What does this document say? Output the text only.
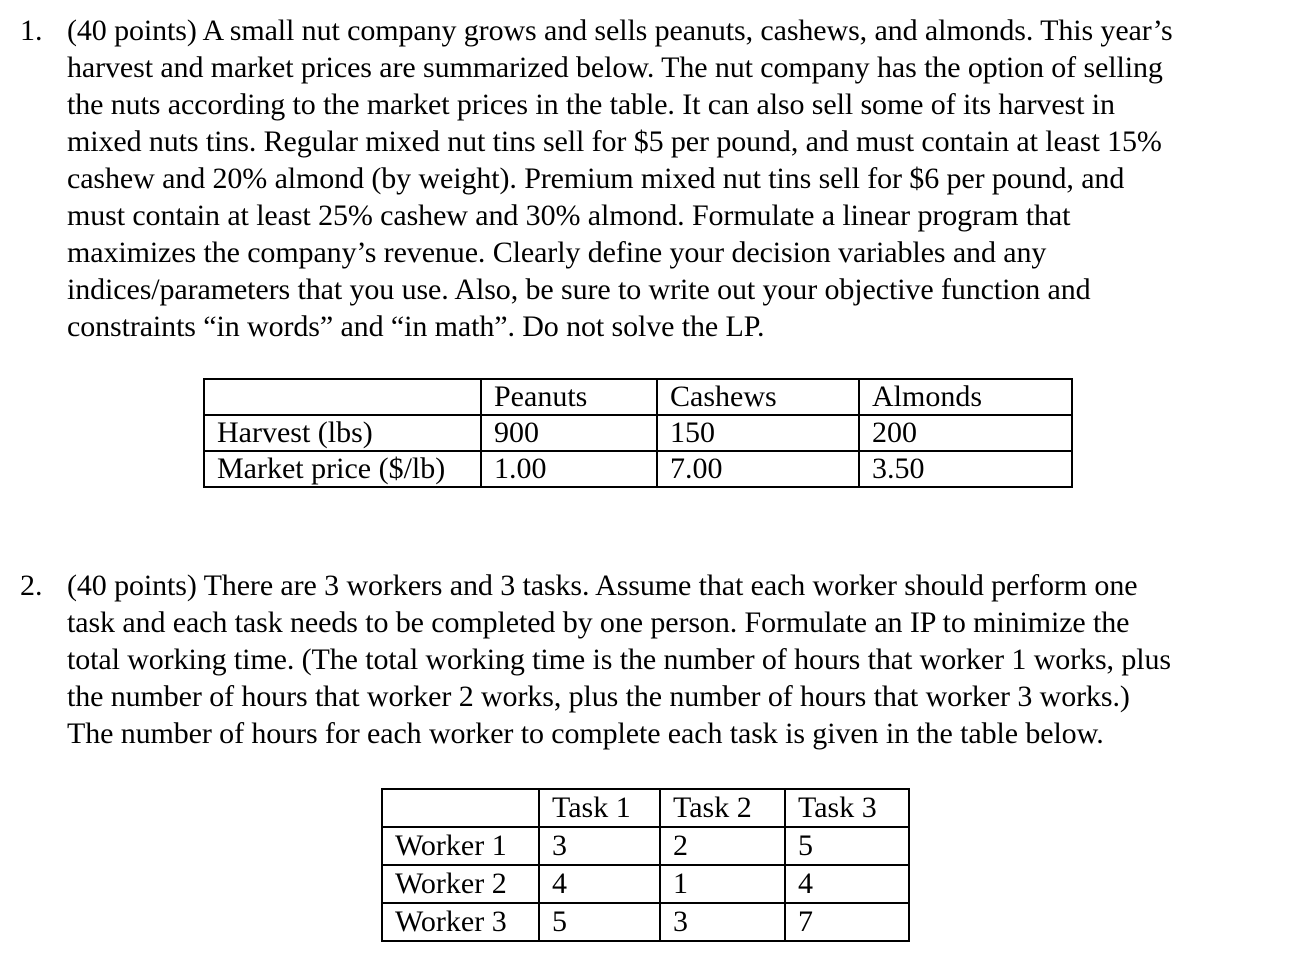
1. (40 points) A small nut company grows and sells peanuts, cashews, and almonds. This year’s
harvest and market prices are summarized below. The nut company has the option of selling
the nuts according to the market prices in the table. It can also sell some of its harvest in
mixed nuts tins. Regular mixed nut tins sell for $5 per pound, and must contain at least 15%
cashew and 20% almond (by weight). Premium mixed nut tins sell for $6 per pound, and
must contain at least 25% cashew and 30% almond. Formulate a linear program that
maximizes the company’s revenue. Clearly define your decision variables and any
indices/parameters that you use. Also, be sure to write out your objective function and
constraints “in words” and “in math”. Do not solve the LP.
	Peanuts	Cashews	Almonds
Harvest (lbs)	900	150	200
Market price ($/lb)	1.00	7.00	3.50
2. (40 points) There are 3 workers and 3 tasks. Assume that each worker should perform one
task and each task needs to be completed by one person. Formulate an IP to minimize the
total working time. (The total working time is the number of hours that worker 1 works, plus
the number of hours that worker 2 works, plus the number of hours that worker 3 works.)
The number of hours for each worker to complete each task is given in the table below.
	Task 1	Task 2	Task 3
Worker 1	3	2	5
Worker 2	4	1	4
Worker 3	5	3	7
